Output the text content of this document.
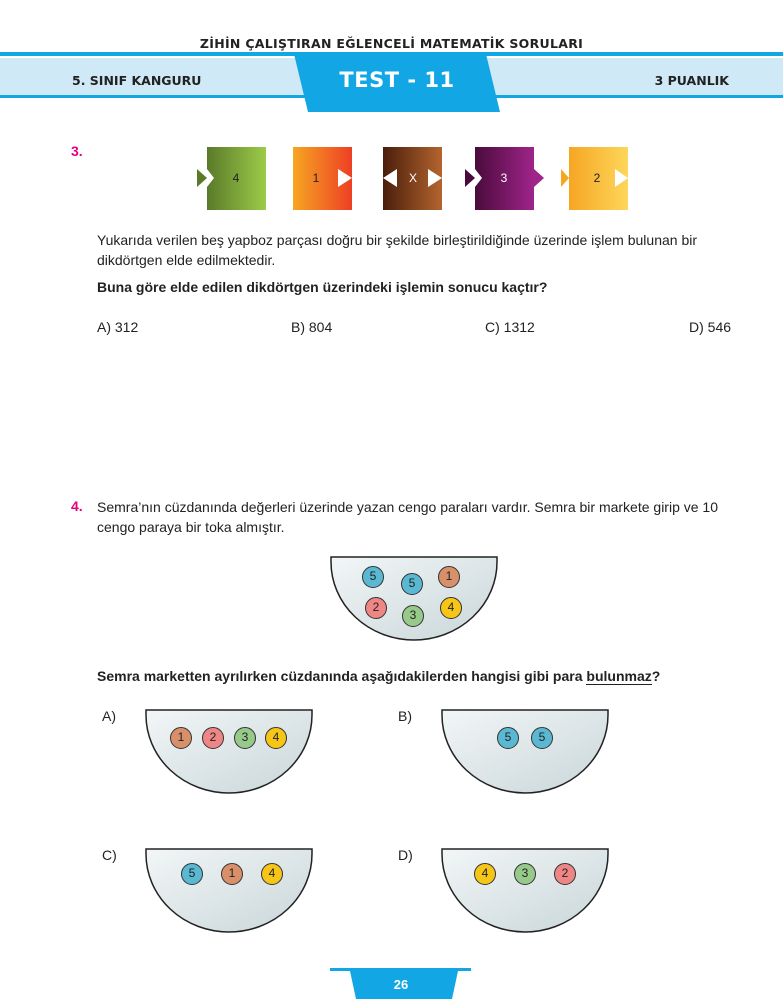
ZİHİN ÇALIŞTIRAN EĞLENCELİ MATEMATİK SORULARI
5. SINIF KANGURU	3 PUANLIK
TEST - 11
3.
4	1	X	3	2
Yukarıda verilen beş yapboz parçası doğru bir şekilde birleştirildiğinde üzerinde işlem bulunan bir dikdörtgen elde edilmektedir.
Buna göre elde edilen dikdörtgen üzerindeki işlemin sonucu kaçtır?
A) 312	B) 804	C) 1312	D) 546
4. Semra’nın cüzdanında değerleri üzerinde yazan cengo paraları vardır. Semra bir markete girip ve 10 cengo paraya bir toka almıştır.
5	5	1
2
3
4
Semra marketten ayrılırken cüzdanında aşağıdakilerden hangisi gibi para bulunmaz?
A)
1	2	3	4
B)
5	5
C)
5	1	4
D)
4	3	2
26
